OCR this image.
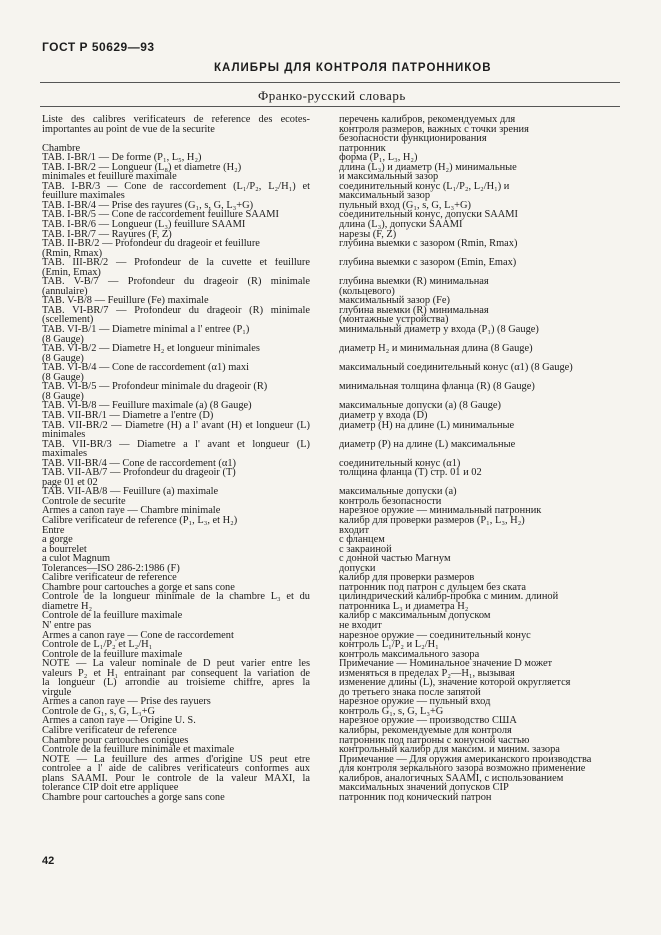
ГОСТ Р 50629—93
КАЛИБРЫ ДЛЯ КОНТРОЛЯ ПАТРОННИКОВ
Франко-русский словарь
Liste des calibres verificateurs de reference des ecotes-
importantes au point de vue de la securite
Chambre
TAB. I-BR/1 — De forme (P₁, L₅, H₂)
TAB. I-BR/2 — Longueur (L₈) et diametre (H₂)
minimales et feuillure maximale
TAB. I-BR/3 — Cone de raccordement (L₁/P₂, L₂/H₁) et
feuillure maximales
TAB. I-BR/4 — Prise des rayures (G₁, s, G, L₃+G)
TAB. I-BR/5 — Cone de raccordement feuillure SAAMI
TAB. I-BR/6 — Longueur (L₃) feuillure SAAMI
TAB. I-BR/7 — Rayures (F, Z)
TAB. II-BR/2 — Profondeur du drageoir et feuillure
(Rmin, Rmax)
TAB. III-BR/2 — Profondeur de la cuvette et feuillure
(Emin, Emax)
TAB. V-B/7 — Profondeur du drageoir (R) minimale
(annulaire)
TAB. V-B/8 — Feuillure (Fe) maximale
TAB. VI-BR/7 — Profondeur du drageoir (R) minimale
(scellement)
TAB. VI-B/1 — Diametre minimal a l' entree (P₁)
(8 Gauge)
TAB. VI-B/2 — Diametre H₂ et longueur minimales
(8 Gauge)
TAB. VI-B/4 — Cone de raccordement (α1) maxi
(8 Gauge)
TAB. VI-B/5 — Profondeur minimale du drageoir (R)
(8 Gauge)
TAB. VI-B/8 — Feuillure maximale (a) (8 Gauge)
TAB. VII-BR/1 — Diametre a l'entre (D)
TAB. VII-BR/2 — Diametre (H) a l' avant (H) et longueur (L)
minimales
TAB. VII-BR/3 — Diametre a l' avant et longueur (L)
maximales
TAB. VII-BR/4 — Cone de raccordement (α1)
TAB. VII-AB/7 — Profondeur du drageoir (T)
page 01 et 02
TAB. VII-AB/8 — Feuillure (a) maximale
Controle de securite
Armes a canon raye — Chambre minimale
Calibre verificateur de reference (P₁, L₃, et H₂)
Entre
a gorge
a bourrelet
a culot Magnum
Tolerances—ISO 286-2:1986 (F)
Calibre verificateur de reference
Chambre pour cartouches a gorge et sans cone
Controle de la longueur minimale de la chambre L₃ et du
diametre H₂
Controle de la feuillure maximale
N' entre pas
Armes a canon raye — Cone de raccordement
Controle de L₁/P₂ et L₂/H₁
Controle de la feuillure maximale
NOTE — La valeur nominale de D peut varier entre les
valeurs P₂ et H₁ entrainant par consequent la variation de
la longueur (L) arrondie au troisieme chiffre, apres la
virgule
Armes a canon raye — Prise des rayuers
Controle de G₁, s, G, L₃+G
Armes a canon raye — Origine U. S.
Calibre verificateur de reference
Chambre pour cartouches conigues
Controle de la feuillure minimale et maximale
NOTE — La feuillure des armes d'origine US peut etre
controlee a l' aide de calibres verificateurs conformes aux
plans SAAMI. Pour le controle de la valeur MAXI, la
tolerance CIP doit etre appliquee
Chambre pour cartouches a gorge sans cone
перечень калибров, рекомендуемых для
контроля размеров, важных с точки зрения
безопасности функционирования
патронник
форма (P₁, L₃, H₂)
длина (L₃) и диаметр (H₂) минимальные
и максимальный зазор
соединительный конус (L₁/P₂, L₂/H₁) и
максимальный зазор
пульный вход (G₁, s, G, L₃+G)
соединительный конус, допуски SAAMI
длина (L₃), допуски SAAMI
нарезы (F, Z)
глубина выемки с зазором (Rmin, Rmax)
глубина выемки с зазором (Emin, Emax)
глубина выемки (R) минимальная
(кольцевого)
максимальный зазор (Fe)
глубина выемки (R) минимальная
(монтажные устройства)
минимальный диаметр у входа (P₁) (8 Gauge)
диаметр H₂ и минимальная длина (8 Gauge)
максимальный соединительный конус (α1) (8 Gauge)
минимальная толщина фланца (R) (8 Gauge)
максимальные допуски (a) (8 Gauge)
диаметр у входа (D)
диаметр (H) на длине (L) минимальные
диаметр (P) на длине (L) максимальные
соединительный конус (α1)
толщина фланца (T) стр. 01 и 02
максимальные допуски (a)
контроль безопасности
нарезное оружие — минимальный патронник
калибр для проверки размеров (P₁, L₃, H₂)
входит
с фланцем
с закраиной
с донной частью Магнум
допуски
калибр для проверки размеров
патронник под патрон с дульцем без ската
цилиндрический калибр-пробка с миним. длиной
патронника L₃ и диаметра H₂
калибр с максимальным допуском
не входит
нарезное оружие — соединительный конус
контроль L₁/P₂ и L₂/H₁
контроль максимального зазора
Примечание — Номинальное значение D может
изменяться в пределах P₂—H₁, вызывая
изменение длины (L), значение которой округляется
до третьего знака после запятой
нарезное оружие — пульный вход
контроль G₁, s, G, L₃+G
нарезное оружие — производство США
калибры, рекомендуемые для контроля
патронник под патроны с конусной частью
контрольный калибр для максим. и миним. зазора
Примечание — Для оружия американского производства
для контроля зеркального зазора возможно применение
калибров, аналогичных SAAMI, с использованием
максимальных значений допусков CIP
патронник под конический патрон
42
